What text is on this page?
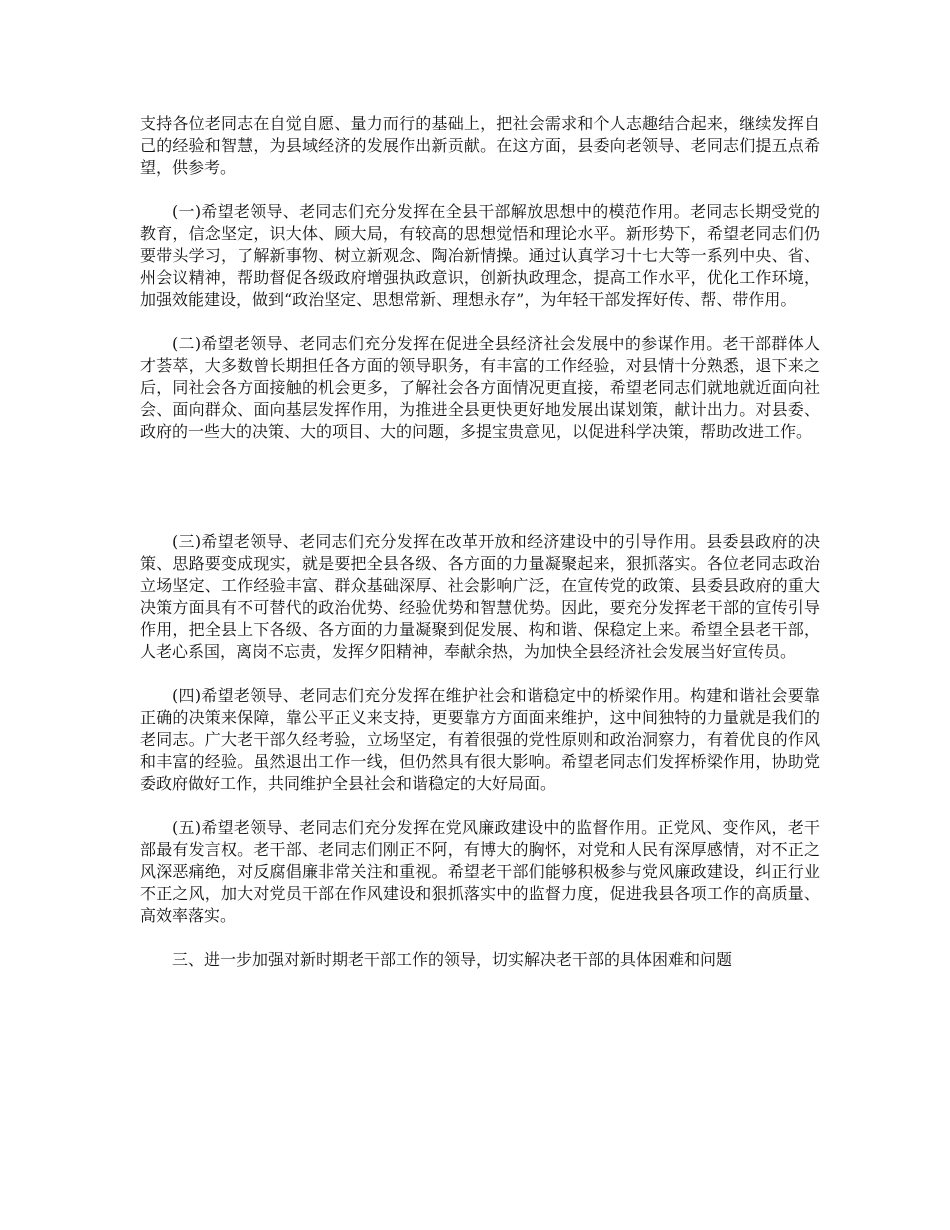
支持各位老同志在自觉自愿、量力而行的基础上，把社会需求和个人志趣结合起来，继续发挥自己的经验和智慧，为县域经济的发展作出新贡献。在这方面，县委向老领导、老同志们提五点希望，供参考。

(一)希望老领导、老同志们充分发挥在全县干部解放思想中的模范作用。老同志长期受党的教育，信念坚定，识大体、顾大局，有较高的思想觉悟和理论水平。新形势下，希望老同志们仍要带头学习，了解新事物、树立新观念、陶冶新情操。通过认真学习十七大等一系列中央、省、州会议精神，帮助督促各级政府增强执政意识，创新执政理念，提高工作水平，优化工作环境，加强效能建设，做到“政治坚定、思想常新、理想永存”，为年轻干部发挥好传、帮、带作用。

(二)希望老领导、老同志们充分发挥在促进全县经济社会发展中的参谋作用。老干部群体人才荟萃，大多数曾长期担任各方面的领导职务，有丰富的工作经验，对县情十分熟悉，退下来之后，同社会各方面接触的机会更多，了解社会各方面情况更直接，希望老同志们就地就近面向社会、面向群众、面向基层发挥作用，为推进全县更快更好地发展出谋划策，献计出力。对县委、政府的一些大的决策、大的项目、大的问题，多提宝贵意见，以促进科学决策，帮助改进工作。

(三)希望老领导、老同志们充分发挥在改革开放和经济建设中的引导作用。县委县政府的决策、思路要变成现实，就是要把全县各级、各方面的力量凝聚起来，狠抓落实。各位老同志政治立场坚定、工作经验丰富、群众基础深厚、社会影响广泛，在宣传党的政策、县委县政府的重大决策方面具有不可替代的政治优势、经验优势和智慧优势。因此，要充分发挥老干部的宣传引导作用，把全县上下各级、各方面的力量凝聚到促发展、构和谐、保稳定上来。希望全县老干部，人老心系国，离岗不忘责，发挥夕阳精神，奉献余热，为加快全县经济社会发展当好宣传员。

(四)希望老领导、老同志们充分发挥在维护社会和谐稳定中的桥梁作用。构建和谐社会要靠正确的决策来保障，靠公平正义来支持，更要靠方方面面来维护，这中间独特的力量就是我们的老同志。广大老干部久经考验，立场坚定，有着很强的党性原则和政治洞察力，有着优良的作风和丰富的经验。虽然退出工作一线，但仍然具有很大影响。希望老同志们发挥桥梁作用，协助党委政府做好工作，共同维护全县社会和谐稳定的大好局面。

(五)希望老领导、老同志们充分发挥在党风廉政建设中的监督作用。正党风、变作风，老干部最有发言权。老干部、老同志们刚正不阿，有博大的胸怀，对党和人民有深厚感情，对不正之风深恶痛绝，对反腐倡廉非常关注和重视。希望老干部们能够积极参与党风廉政建设，纠正行业不正之风，加大对党员干部在作风建设和狠抓落实中的监督力度，促进我县各项工作的高质量、高效率落实。

三、进一步加强对新时期老干部工作的领导，切实解决老干部的具体困难和问题
